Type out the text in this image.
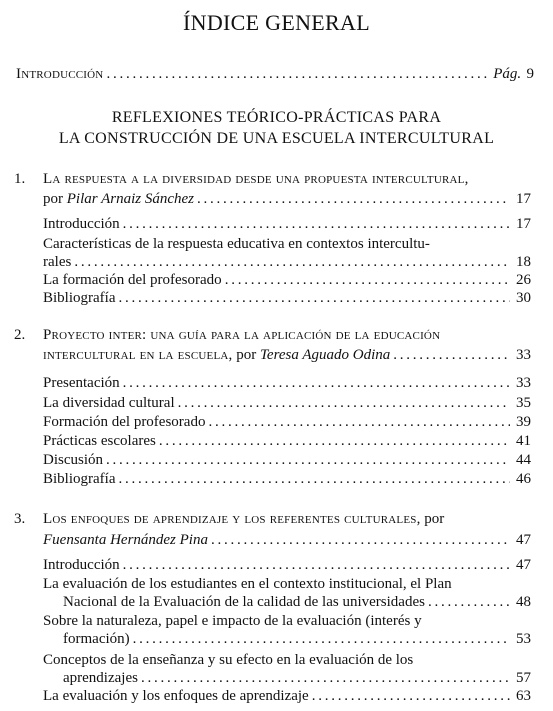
ÍNDICE GENERAL
Introducción . . .	Pág. 9
REFLEXIONES TEÓRICO-PRÁCTICAS PARA
LA CONSTRUCCIÓN DE UNA ESCUELA INTERCULTURAL
1. La respuesta a la diversidad desde una propuesta intercultural,
por
Pilar Arnaiz Sánchez . . .	17
Introducción . . .	17
Características de la respuesta educativa en contextos intercultu-
rales . . .	18
La formación del profesorado . . .	26
Bibliografía . . .	30
2. Proyecto inter: una guía para la aplicación de la educación
intercultural en la escuela,
por
Teresa Aguado Odina . . .	33
Presentación . . .	33
La diversidad cultural . . .	35
Formación del profesorado . . .	39
Prácticas escolares . . .	41
Discusión . . .	44
Bibliografía . . .	46
3. Los enfoques de aprendizaje y los referentes culturales, por
Fuensanta Hernández Pina . . .	47
Introducción . . .	47
La evaluación de los estudiantes en el contexto institucional, el Plan
Nacional de la Evaluación de la calidad de las universidades . . .	48
Sobre la naturaleza, papel e impacto de la evaluación (interés y
formación) . . .	53
Conceptos de la enseñanza y su efecto en la evaluación de los
aprendizajes . . .	57
La evaluación y los enfoques de aprendizaje . . .	63
